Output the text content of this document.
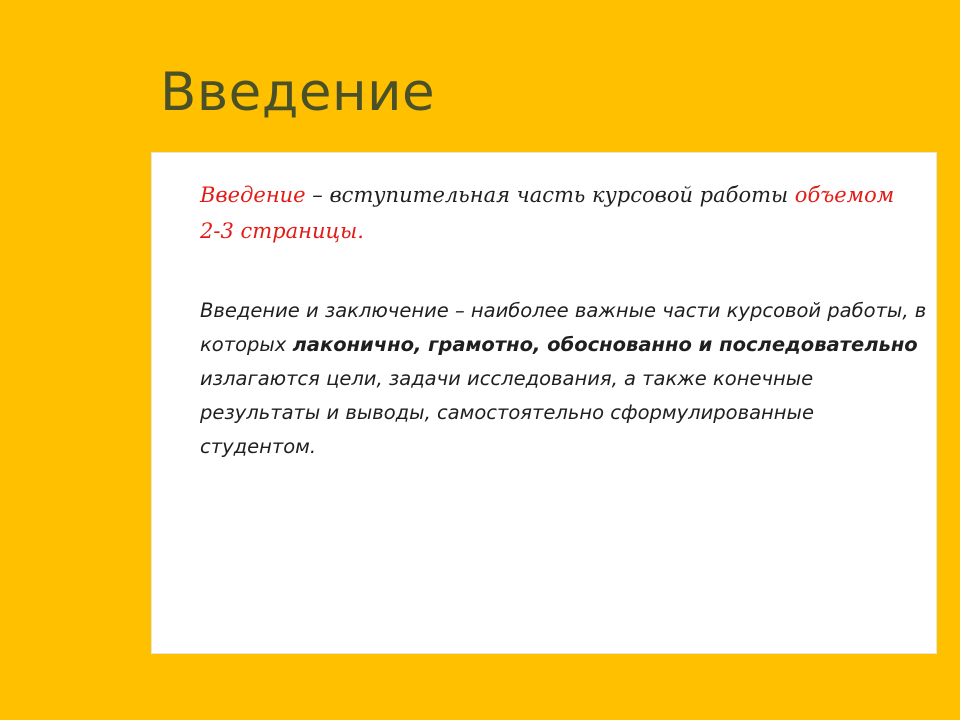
Введение

Введение – вступительная часть курсовой работы объемом 2-3 страницы.

Введение и заключение – наиболее важные части курсовой работы, в которых лаконично, грамотно, обоснованно и последовательно излагаются цели, задачи исследования, а также конечные результаты и выводы, самостоятельно сформулированные студентом.
